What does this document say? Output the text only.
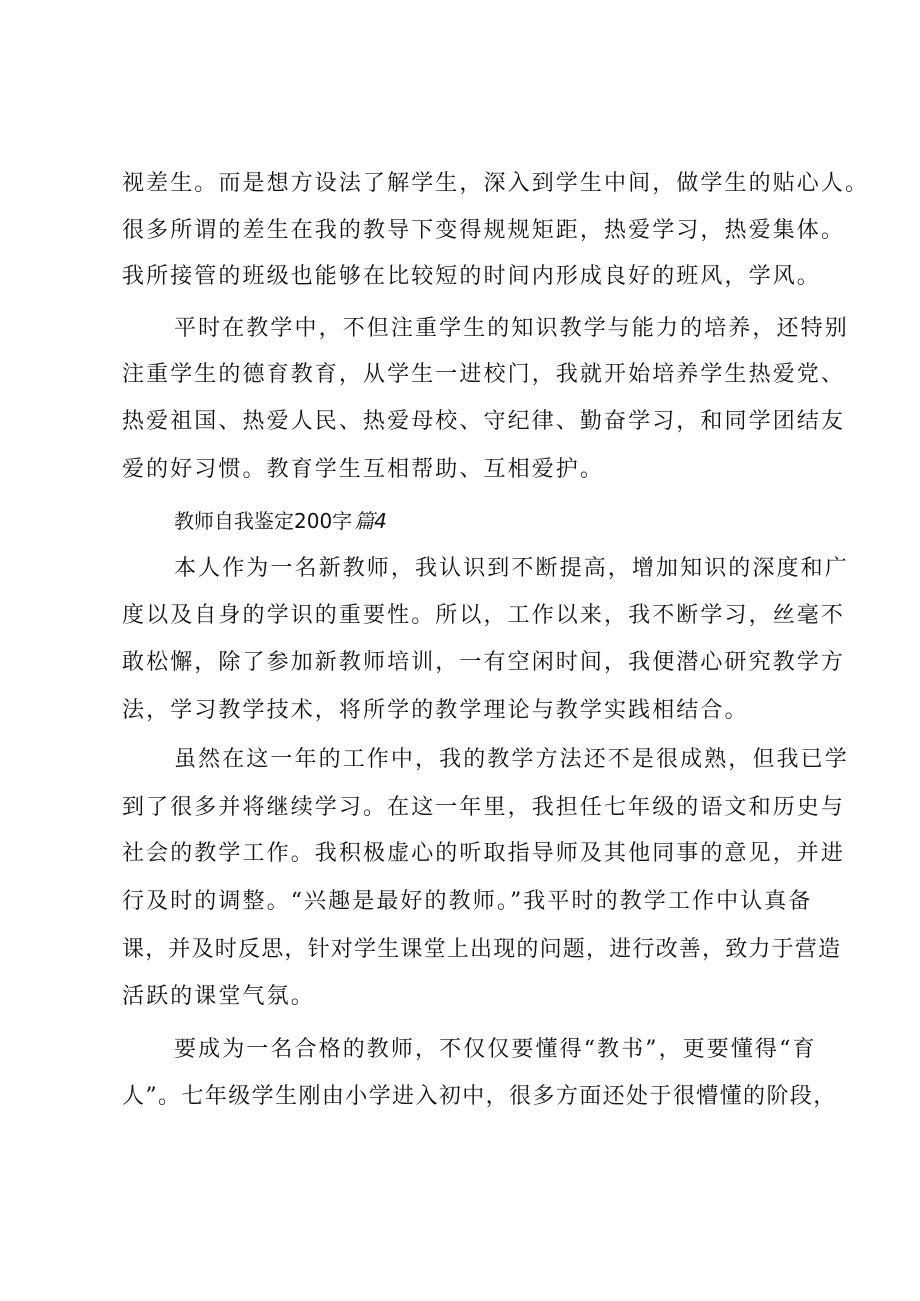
视差生。而是想方设法了解学生，深入到学生中间，做学生的贴心人。
很多所谓的差生在我的教导下变得规规矩距，热爱学习，热爱集体。
我所接管的班级也能够在比较短的时间内形成良好的班风，学风。
平时在教学中，不但注重学生的知识教学与能力的培养，还特别
注重学生的德育教育，从学生一进校门，我就开始培养学生热爱党、
热爱祖国、热爱人民、热爱母校、守纪律、勤奋学习，和同学团结友
爱的好习惯。教育学生互相帮助、互相爱护。
教师自我鉴定200字 篇4
本人作为一名新教师，我认识到不断提高，增加知识的深度和广
度以及自身的学识的重要性。所以，工作以来，我不断学习，丝毫不
敢松懈，除了参加新教师培训，一有空闲时间，我便潜心研究教学方
法，学习教学技术，将所学的教学理论与教学实践相结合。
虽然在这一年的工作中，我的教学方法还不是很成熟，但我已学
到了很多并将继续学习。在这一年里，我担任七年级的语文和历史与
社会的教学工作。我积极虚心的听取指导师及其他同事的意见，并进
行及时的调整。“兴趣是最好的教师。”我平时的教学工作中认真备
课，并及时反思，针对学生课堂上出现的问题，进行改善，致力于营造
活跃的课堂气氛。
要成为一名合格的教师，不仅仅要懂得“教书”，更要懂得“育
人”。七年级学生刚由小学进入初中，很多方面还处于很懵懂的阶段，
